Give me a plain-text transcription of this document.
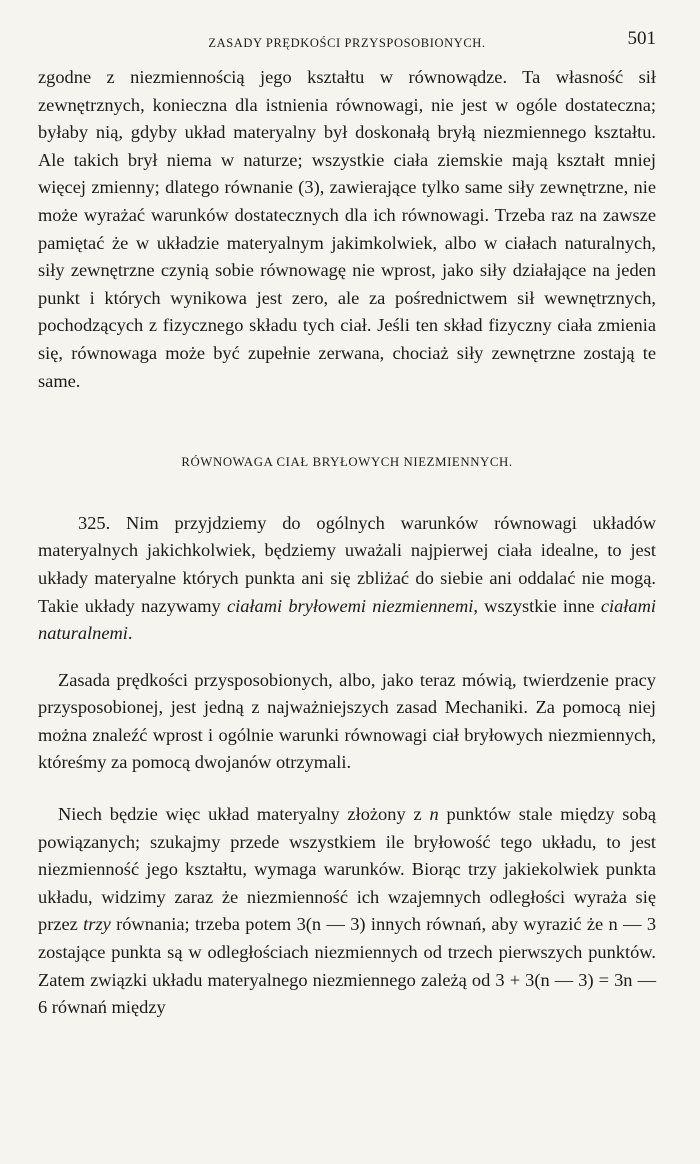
ZASADY PRĘDKOŚCI PRZYSPOSOBIONYCH.	501

zgodne z niezmiennością jego kształtu w równowądze. Ta własność sił zewnętrznych, konieczna dla istnienia równowagi, nie jest w ogóle dostateczna; byłaby nią, gdyby układ materyalny był doskonałą bryłą niezmiennego kształtu. Ale takich brył niema w naturze; wszystkie ciała ziemskie mają kształt mniej więcej zmienny; dlatego równanie (3), zawierające tylko same siły zewnętrzne, nie może wyrażać warunków dostatecznych dla ich równowagi. Trzeba raz na zawsze pamiętać że w układzie materyalnym jakimkolwiek, albo w ciałach naturalnych, siły zewnętrzne czynią sobie równowagę nie wprost, jako siły działające na jeden punkt i których wynikowa jest zero, ale za pośrednictwem sił wewnętrznych, pochodzących z fizycznego składu tych ciał. Jeśli ten skład fizyczny ciała zmienia się, równowaga może być zupełnie zerwana, chociaż siły zewnętrzne zostają te same.

RÓWNOWAGA CIAŁ BRYŁOWYCH NIEZMIENNYCH.

325. Nim przyjdziemy do ogólnych warunków równowagi układów materyalnych jakichkolwiek, będziemy uważali najpierwej ciała idealne, to jest układy materyalne których punkta ani się zbliżać do siebie ani oddalać nie mogą. Takie układy nazywamy ciałami bryłowemi niezmiennemi, wszystkie inne ciałami naturalnemi.

Zasada prędkości przysposobionych, albo, jako teraz mówią, twierdzenie pracy przysposobionej, jest jedną z najważniejszych zasad Mechaniki. Za pomocą niej można znaleźć wprost i ogólnie warunki równowagi ciał bryłowych niezmiennych, któreśmy za pomocą dwojanów otrzymali.

Niech będzie więc układ materyalny złożony z n punktów stale między sobą powiązanych; szukajmy przede wszystkiem ile bryłowość tego układu, to jest niezmienność jego kształtu, wymaga warunków. Biorąc trzy jakiekolwiek punkta układu, widzimy zaraz że niezmienność ich wzajemnych odległości wyraża się przez trzy równania; trzeba potem 3(n — 3) innych równań, aby wyrazić że n — 3 zostające punkta są w odległościach niezmiennych od trzech pierwszych punktów. Zatem związki układu materyalnego niezmiennego zależą od 3 + 3(n — 3) = 3n — 6 równań między
